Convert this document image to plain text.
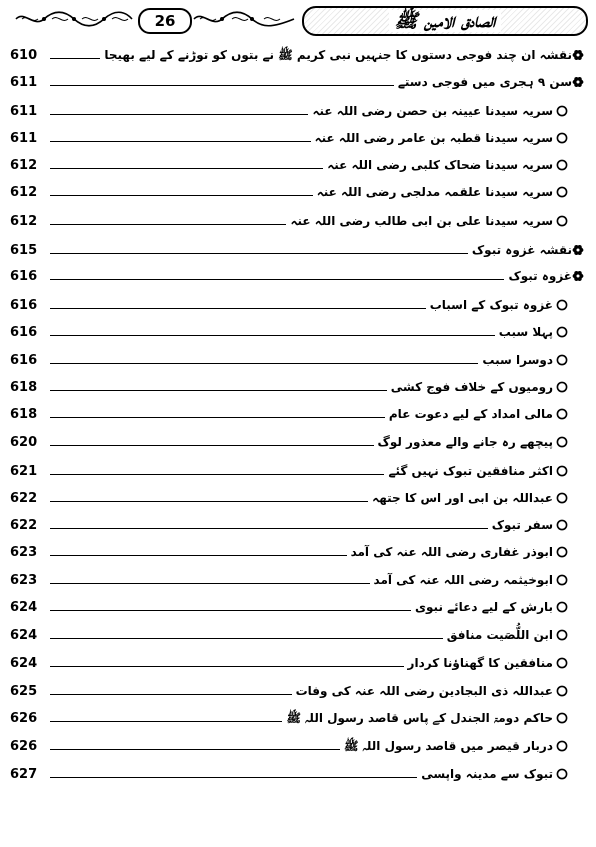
26	الصادق الامین ﷺ
610	نقشہ ان چند فوجی دستوں کا جنہیں نبی کریم ﷺ نے بتوں کو توڑنے کے لیے بھیجا
611	سن ۹ ہجری میں فوجی دستے
611	سریہ سیدنا عیینہ بن حصن رضی اللہ عنہ
611	سریہ سیدنا قطبہ بن عامر رضی اللہ عنہ
612	سریہ سیدنا ضحاک کلبی رضی اللہ عنہ
612	سریہ سیدنا علقمہ مدلجی رضی اللہ عنہ
612	سریہ سیدنا علی بن ابی طالب رضی اللہ عنہ
615	نقشہ غزوہ تبوک
616	غزوہ تبوک
616	غزوہ تبوک کے اسباب
616	پہلا سبب
616	دوسرا سبب
618	رومیوں کے خلاف فوج کشی
618	مالی امداد کے لیے دعوت عام
620	پیچھے رہ جانے والے معذور لوگ
621	اکثر منافقین تبوک نہیں گئے
622	عبداللہ بن ابی اور اس کا جتھہ
622	سفر تبوک
623	ابوذر غفاری رضی اللہ عنہ کی آمد
623	ابوخیثمہ رضی اللہ عنہ کی آمد
624	بارش کے لیے دعائے نبوی
624	ابن اللُّصَیت منافق
624	منافقین کا گھناؤنا کردار
625	عبداللہ ذی البجادین رضی اللہ عنہ کی وفات
626	حاکم دومۃ الجندل کے پاس قاصد رسول اللہ ﷺ
626	دربار قیصر میں قاصد رسول اللہ ﷺ
627	تبوک سے مدینہ واپسی
